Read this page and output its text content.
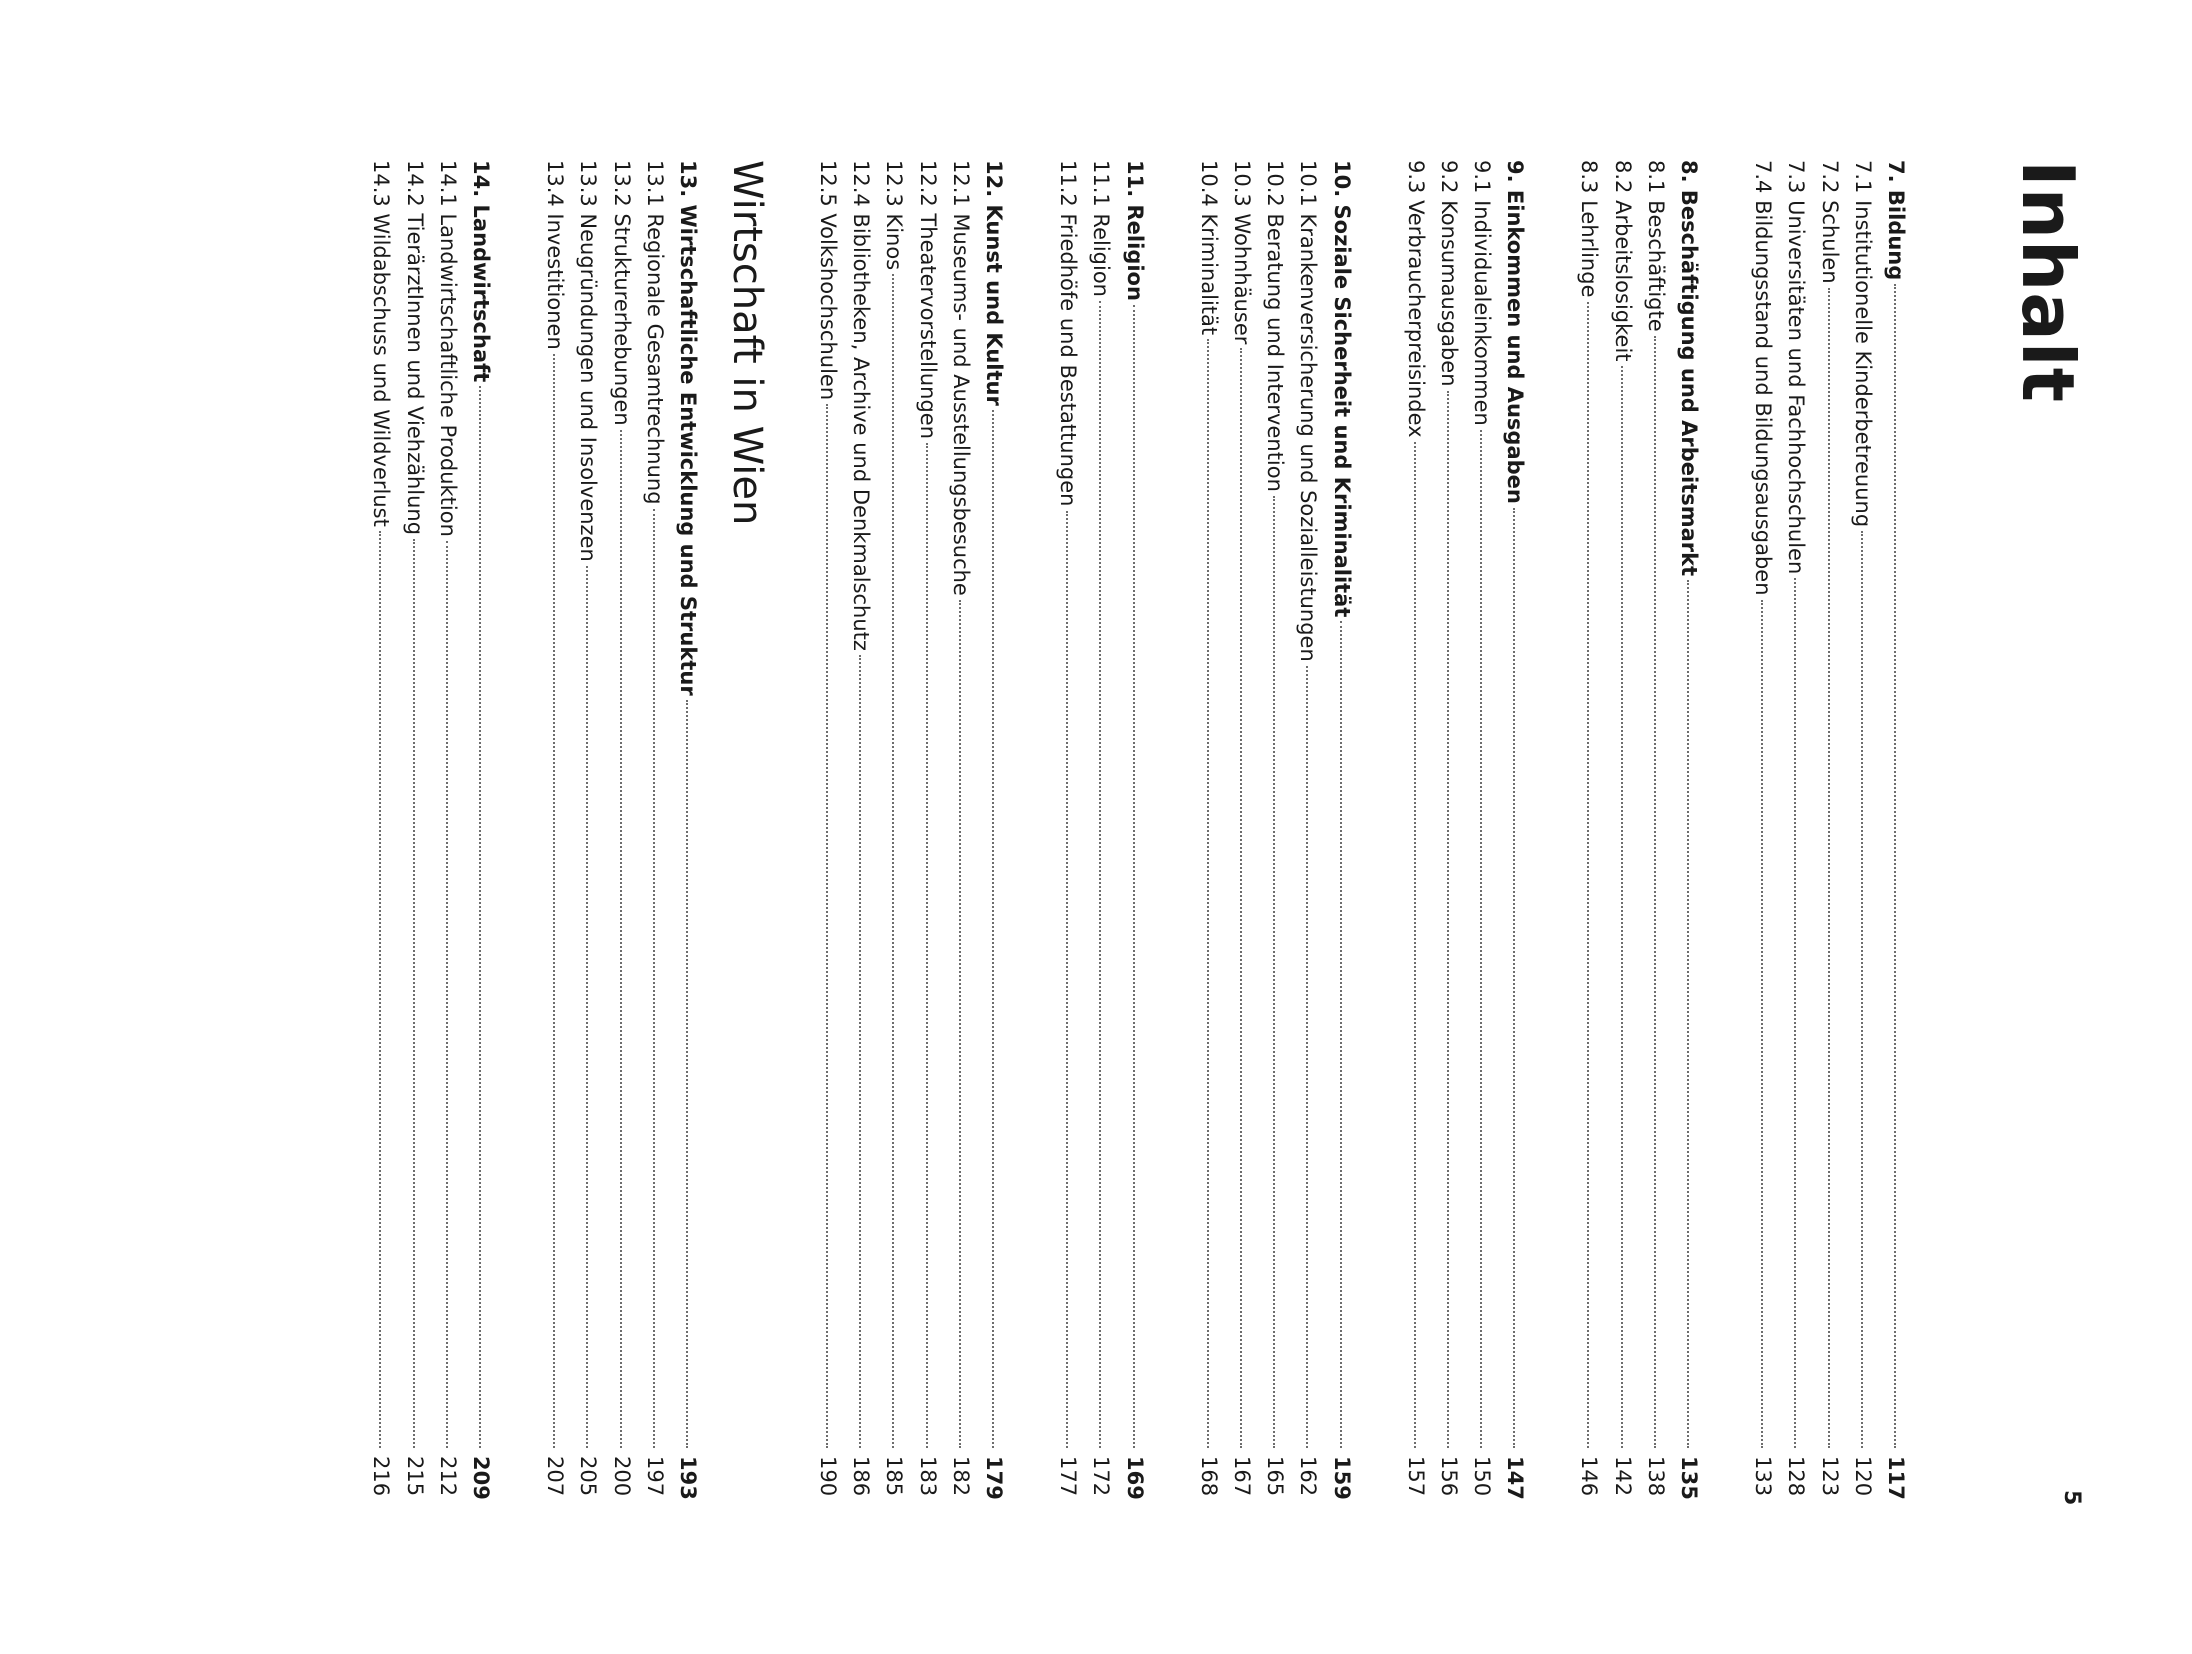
5
Inhalt
7. Bildung
117
7.1 Institutionelle Kinderbetreuung
120
7.2 Schulen
123
7.3 Universitäten und Fachhochschulen
128
7.4 Bildungsstand und Bildungsausgaben
133
8. Beschäftigung und Arbeitsmarkt
135
8.1 Beschäftigte
138
8.2 Arbeitslosigkeit
142
8.3 Lehrlinge
146
9. Einkommen und Ausgaben
147
9.1 Individualeinkommen
150
9.2 Konsumausgaben
156
9.3 Verbraucherpreisindex
157
10. Soziale Sicherheit und Kriminalität
159
10.1 Krankenversicherung und Sozialleistungen
162
10.2 Beratung und Intervention
165
10.3 Wohnhäuser
167
10.4 Kriminalität
168
11. Religion
169
11.1 Religion
172
11.2 Friedhöfe und Bestattungen
177
12. Kunst und Kultur
179
12.1 Museums- und Ausstellungsbesuche
182
12.2 Theatervorstellungen
183
12.3 Kinos
185
12.4 Bibliotheken, Archive und Denkmalschutz
186
12.5 Volkshochschulen
190
Wirtschaft in Wien
13. Wirtschaftliche Entwicklung und Struktur
193
13.1 Regionale Gesamtrechnung
197
13.2 Strukturerhebungen
200
13.3 Neugründungen und Insolvenzen
205
13.4 Investitionen
207
14. Landwirtschaft
209
14.1 Landwirtschaftliche Produktion
212
14.2 TierärztInnen und Viehzählung
215
14.3 Wildabschuss und Wildverlust
216
